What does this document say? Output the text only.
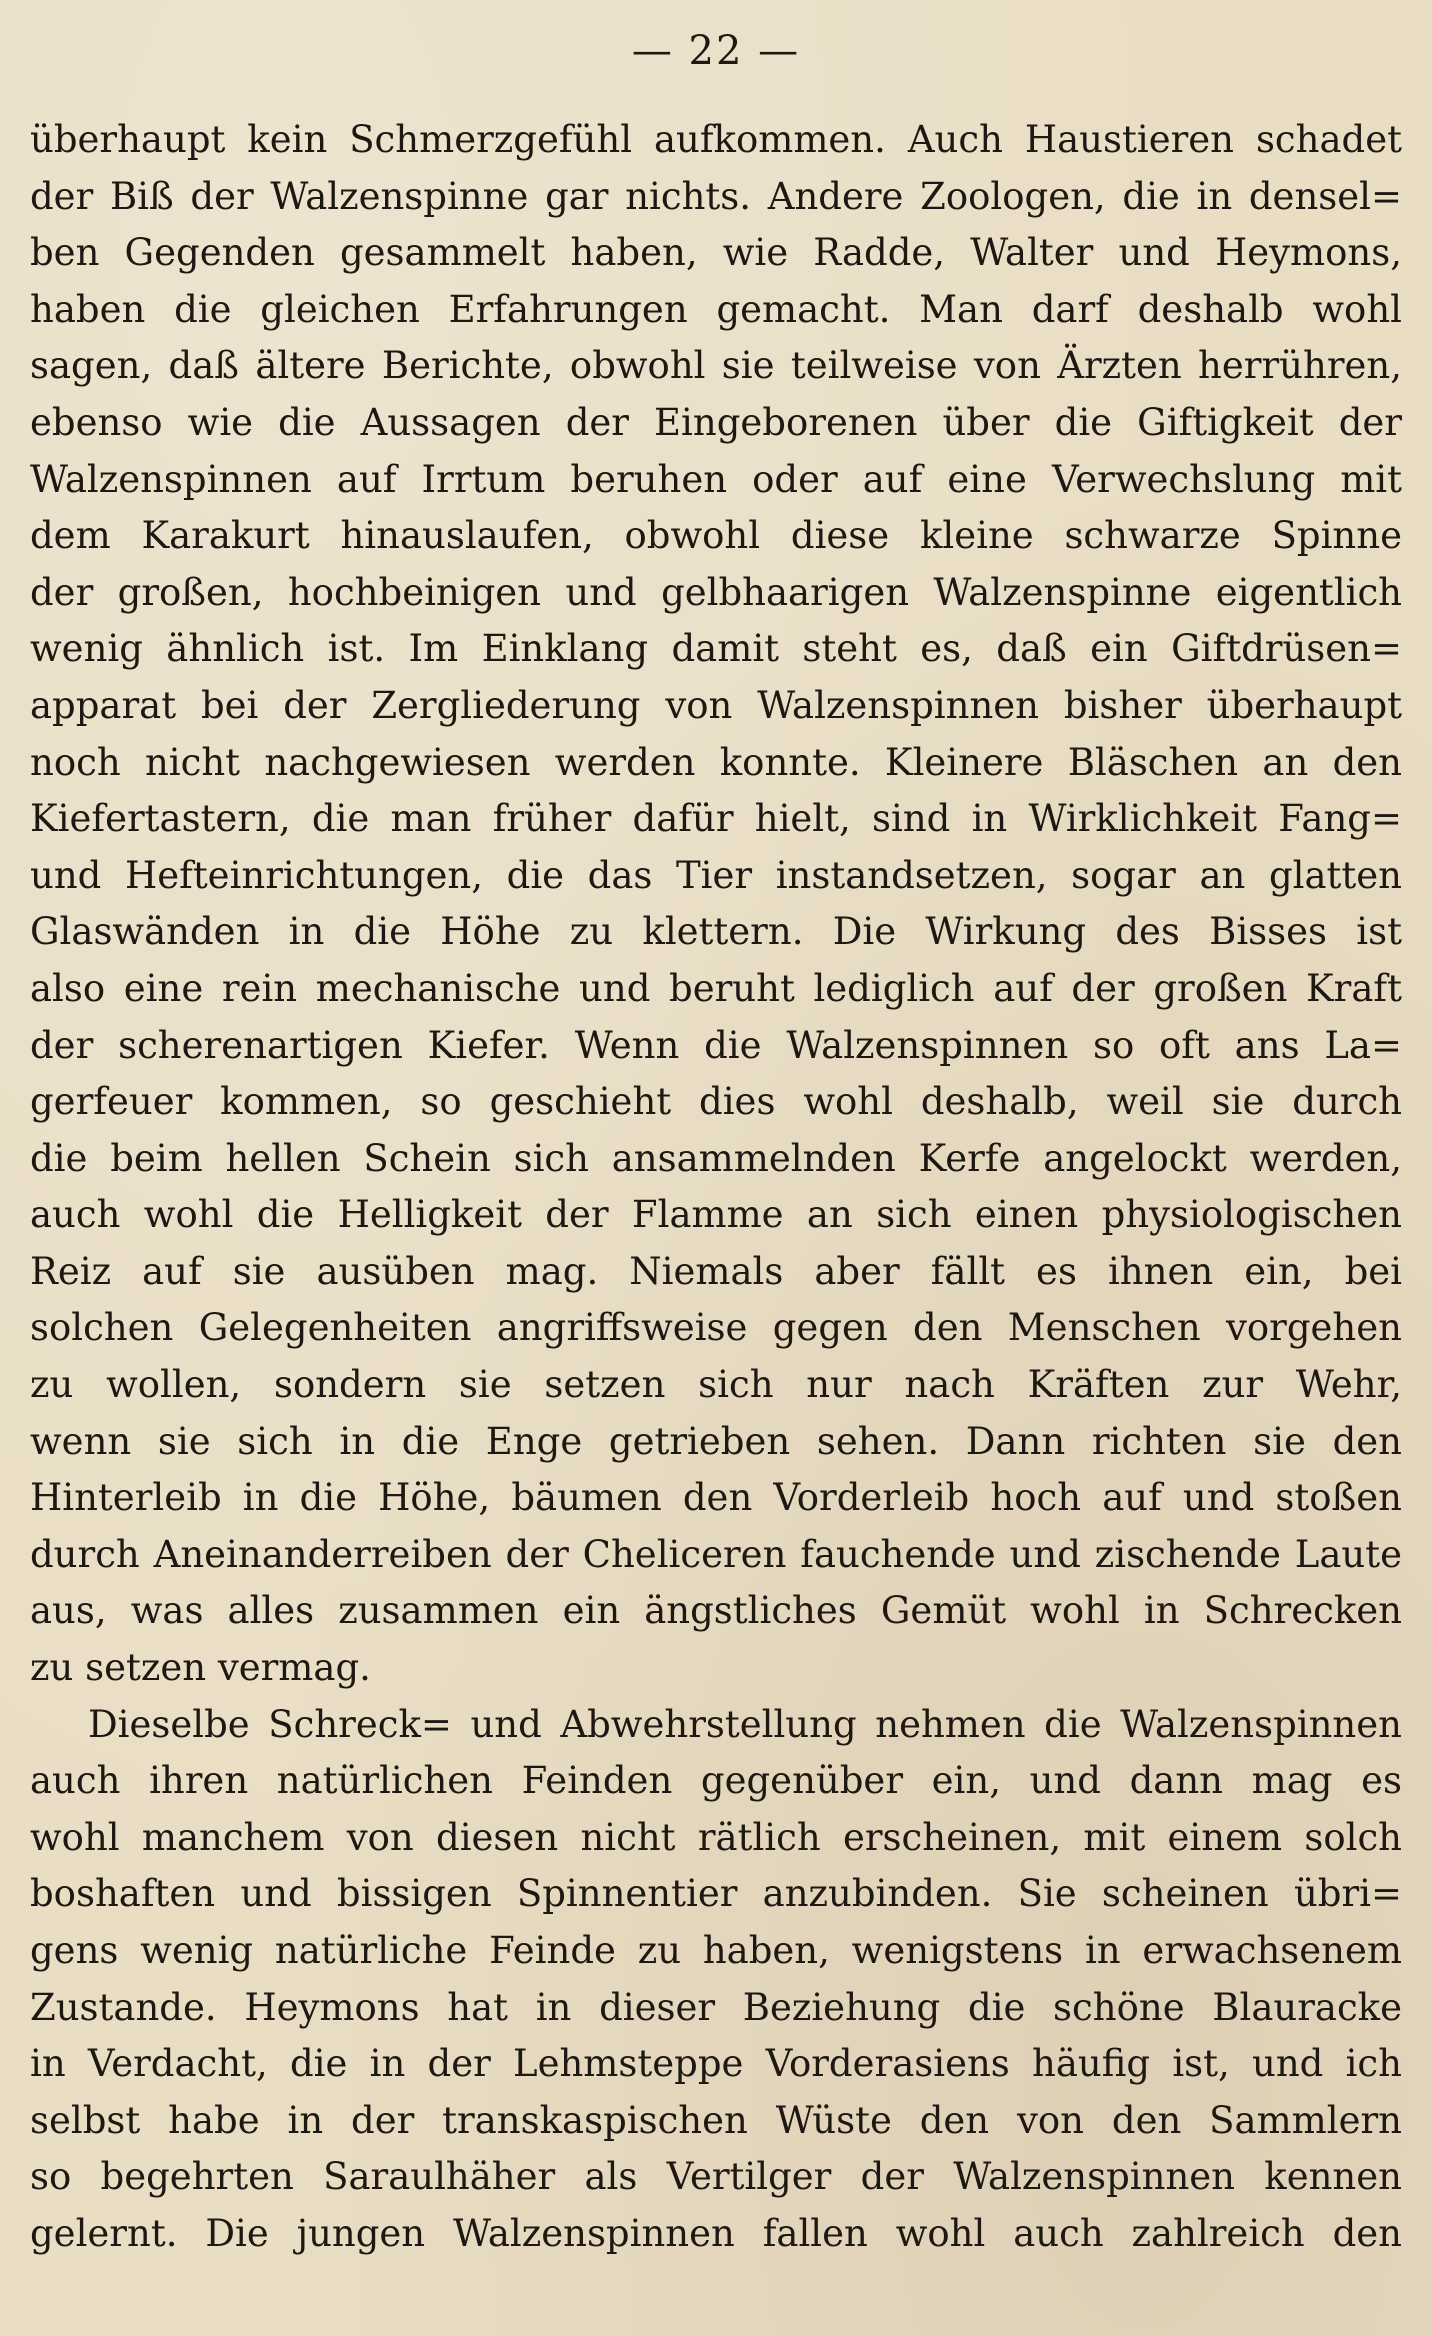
— 22 —
überhaupt kein Schmerzgefühl aufkommen. Auch Haustieren schadet
der Biß der Walzenspinne gar nichts. Andere Zoologen, die in densel=
ben Gegenden gesammelt haben, wie Radde, Walter und Heymons,
haben die gleichen Erfahrungen gemacht. Man darf deshalb wohl
sagen, daß ältere Berichte, obwohl sie teilweise von Ärzten herrühren,
ebenso wie die Aussagen der Eingeborenen über die Giftigkeit der
Walzenspinnen auf Irrtum beruhen oder auf eine Verwechslung mit
dem Karakurt hinauslaufen, obwohl diese kleine schwarze Spinne
der großen, hochbeinigen und gelbhaarigen Walzenspinne eigentlich
wenig ähnlich ist. Im Einklang damit steht es, daß ein Giftdrüsen=
apparat bei der Zergliederung von Walzenspinnen bisher überhaupt
noch nicht nachgewiesen werden konnte. Kleinere Bläschen an den
Kiefertastern, die man früher dafür hielt, sind in Wirklichkeit Fang=
und Hefteinrichtungen, die das Tier instandsetzen, sogar an glatten
Glaswänden in die Höhe zu klettern. Die Wirkung des Bisses ist
also eine rein mechanische und beruht lediglich auf der großen Kraft
der scherenartigen Kiefer. Wenn die Walzenspinnen so oft ans La=
gerfeuer kommen, so geschieht dies wohl deshalb, weil sie durch
die beim hellen Schein sich ansammelnden Kerfe angelockt werden,
auch wohl die Helligkeit der Flamme an sich einen physiologischen
Reiz auf sie ausüben mag. Niemals aber fällt es ihnen ein, bei
solchen Gelegenheiten angriffsweise gegen den Menschen vorgehen
zu wollen, sondern sie setzen sich nur nach Kräften zur Wehr,
wenn sie sich in die Enge getrieben sehen. Dann richten sie den
Hinterleib in die Höhe, bäumen den Vorderleib hoch auf und stoßen
durch Aneinanderreiben der Cheliceren fauchende und zischende Laute
aus, was alles zusammen ein ängstliches Gemüt wohl in Schrecken
zu setzen vermag.
Dieselbe Schreck= und Abwehrstellung nehmen die Walzenspinnen
auch ihren natürlichen Feinden gegenüber ein, und dann mag es
wohl manchem von diesen nicht rätlich erscheinen, mit einem solch
boshaften und bissigen Spinnentier anzubinden. Sie scheinen übri=
gens wenig natürliche Feinde zu haben, wenigstens in erwachsenem
Zustande. Heymons hat in dieser Beziehung die schöne Blauracke
in Verdacht, die in der Lehmsteppe Vorderasiens häufig ist, und ich
selbst habe in der transkaspischen Wüste den von den Sammlern
so begehrten Saraulhäher als Vertilger der Walzenspinnen kennen
gelernt. Die jungen Walzenspinnen fallen wohl auch zahlreich den
